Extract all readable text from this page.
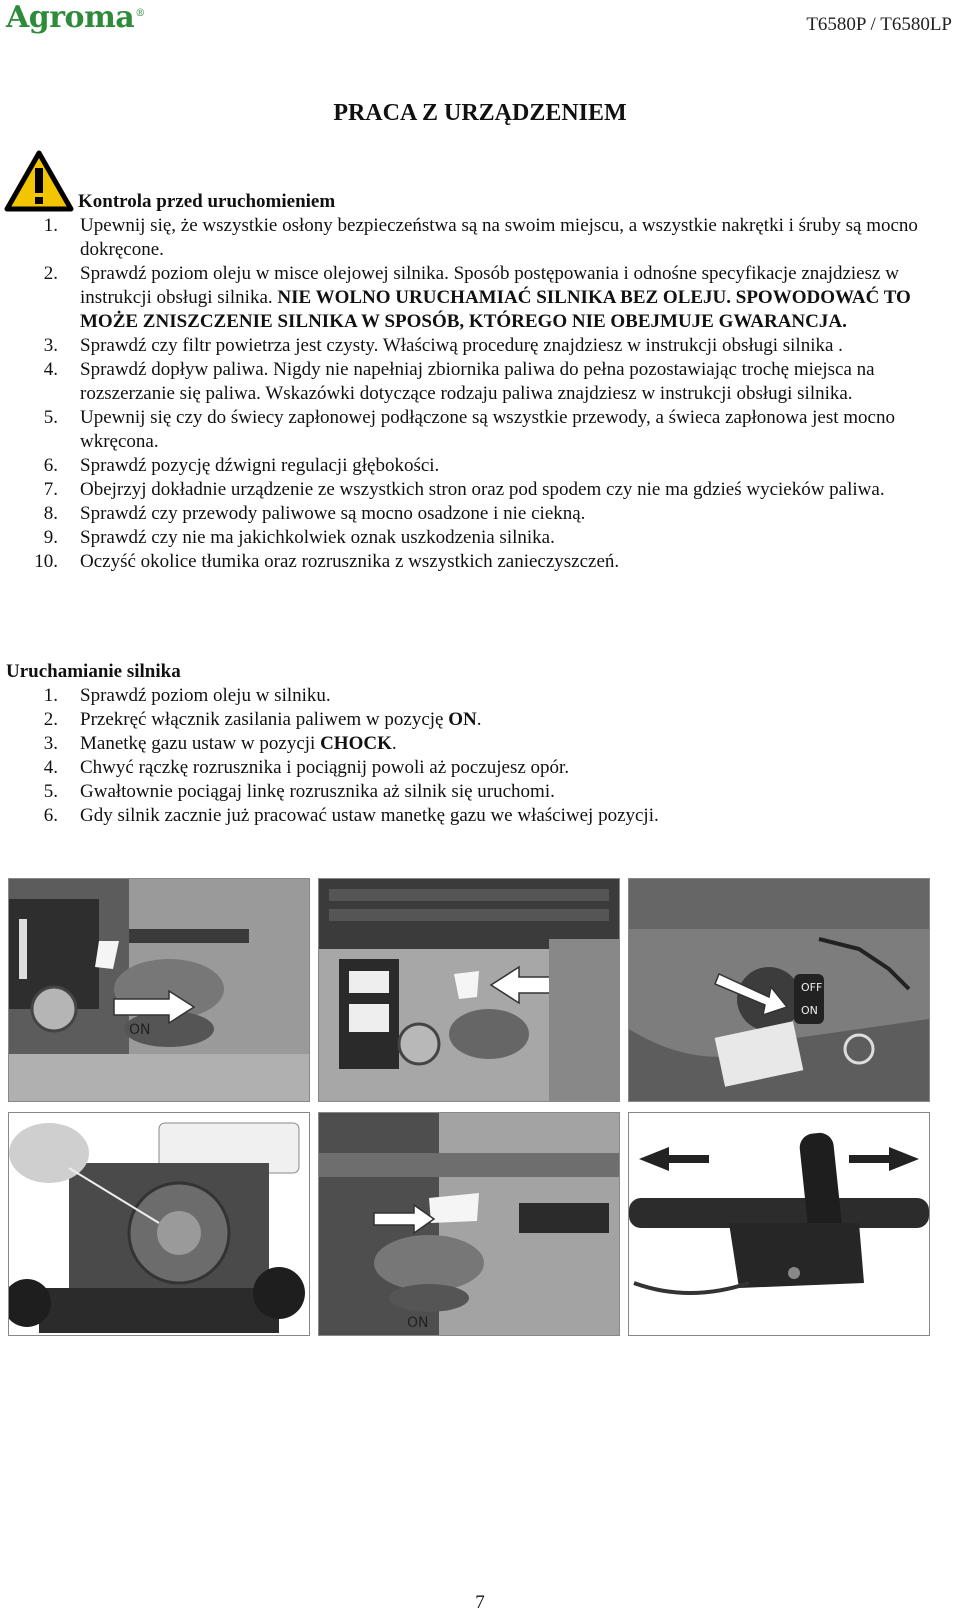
Agroma®
T6580P / T6580LP
PRACA Z URZĄDZENIEM
Kontrola przed uruchomieniem
1. Upewnij się, że wszystkie osłony bezpieczeństwa są na swoim miejscu, a wszystkie nakrętki i śruby są mocno dokręcone.
2. Sprawdź poziom oleju w misce olejowej silnika. Sposób postępowania i odnośne specyfikacje znajdziesz w instrukcji obsługi silnika. NIE WOLNO URUCHAMIAĆ SILNIKA BEZ OLEJU. SPOWODOWAĆ TO MOŻE ZNISZCZENIE SILNIKA W SPOSÓB, KTÓREGO NIE OBEJMUJE GWARANCJA.
3. Sprawdź czy filtr powietrza jest czysty. Właściwą procedurę znajdziesz w instrukcji obsługi silnika .
4. Sprawdź dopływ paliwa. Nigdy nie napełniaj zbiornika paliwa do pełna pozostawiając trochę miejsca na rozszerzanie się paliwa. Wskazówki dotyczące rodzaju paliwa znajdziesz w instrukcji obsługi silnika.
5. Upewnij się czy do świecy zapłonowej podłączone są wszystkie przewody, a świeca zapłonowa jest mocno wkręcona.
6. Sprawdź pozycję dźwigni regulacji głębokości.
7. Obejrzyj dokładnie urządzenie ze wszystkich stron oraz pod spodem czy nie ma gdzieś wycieków paliwa.
8. Sprawdź czy przewody paliwowe są mocno osadzone i nie ciekną.
9. Sprawdź czy nie ma jakichkolwiek oznak uszkodzenia silnika.
10. Oczyść okolice tłumika oraz rozrusznika z wszystkich zanieczyszczeń.
Uruchamianie silnika
1. Sprawdź poziom oleju w silniku.
2. Przekręć włącznik zasilania paliwem w pozycję ON.
3. Manetkę gazu ustaw w pozycji CHOCK.
4. Chwyć rączkę rozrusznika i pociągnij powoli aż poczujesz opór.
5. Gwałtownie pociągaj linkę rozrusznika aż silnik się uruchomi.
6. Gdy silnik zacznie już pracować ustaw manetkę gazu we właściwej pozycji.
ON
OFF
ON
ON
7
